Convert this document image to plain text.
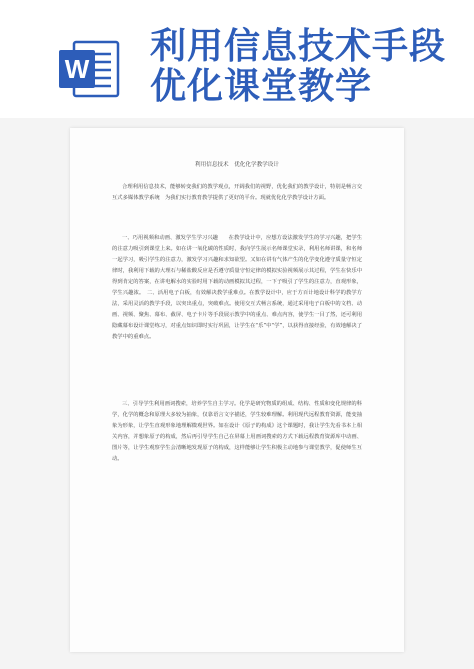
W
利用信息技术手段
优化课堂教学
利用信息技术　优化化学教学设计

合理利用信息技术，能够转变我们的教学观点，开阔我们的视野，优化我们的教学设计，特别是畅言交互式多媒体教学系统　为我们实行教育教学提供了更好的平台。现就优化化学教学设计方面。

一、巧用视频和动画、激发学生学习兴趣　　在教学设计中，应想方设法激发学生的学习兴趣，把学生的注意力吸引到课堂上来。如在讲一氧化碳的性质时，我向学生展示名师课堂实录，利用名师讲课，和名师一起学习，吸引学生的注意力，激发学习兴趣和求知欲望。又如在讲有气体产生的化学变化遵守质量守恒定律时，我利用下载的大理石与稀盐酸反应是否遵守质量守恒定律的模拟实验视频展示其过程，学生在快乐中得到肯定的答案，在讲电解水的实验时用下载的动画模拟其过程，一下子吸引了学生的注意力，直观形象，学生兴趣浓。　二、活用电子白板，有效解决教学重难点。在教学设计中，应于方百计地设计科学的教学方法，采用灵活的教学手段，以突出重点，突破难点。使用交互式畅言系统，通过采用电子白板中的文档、动画、视频、聚焦、幕布、截屏、电子卡片等手段展示教学中的重点、难点内容，使学生一目了然，还可利用隐藏幕布设计课堂练习，对重点知识即时实行巩固，让学生在“乐”中“学”，以获得直接经验，有效地解决了教学中的重难点。

三、引导学生利用画词搜索，培养学生自主学习。化学是研究物质的组成、结构、性质和变化规律的科学，化学的概念和原理大多较为抽象，仅靠语言文字描述，学生较难理解。利用现代远程教育资源，能变抽象为形象，让学生直观形象地理解微观世界。如在设计《原子的构成》这个课题时，我让学生先看书本上相关内容，并想象原子的构成，然后再引导学生自己在屏幕上用画词搜索的方式下载远程教育资源库中动画、图片等，让学生观察学生会清晰地发现原子的构成，这样能够让学生积极主动地参与课堂教学，促使师生互动。
